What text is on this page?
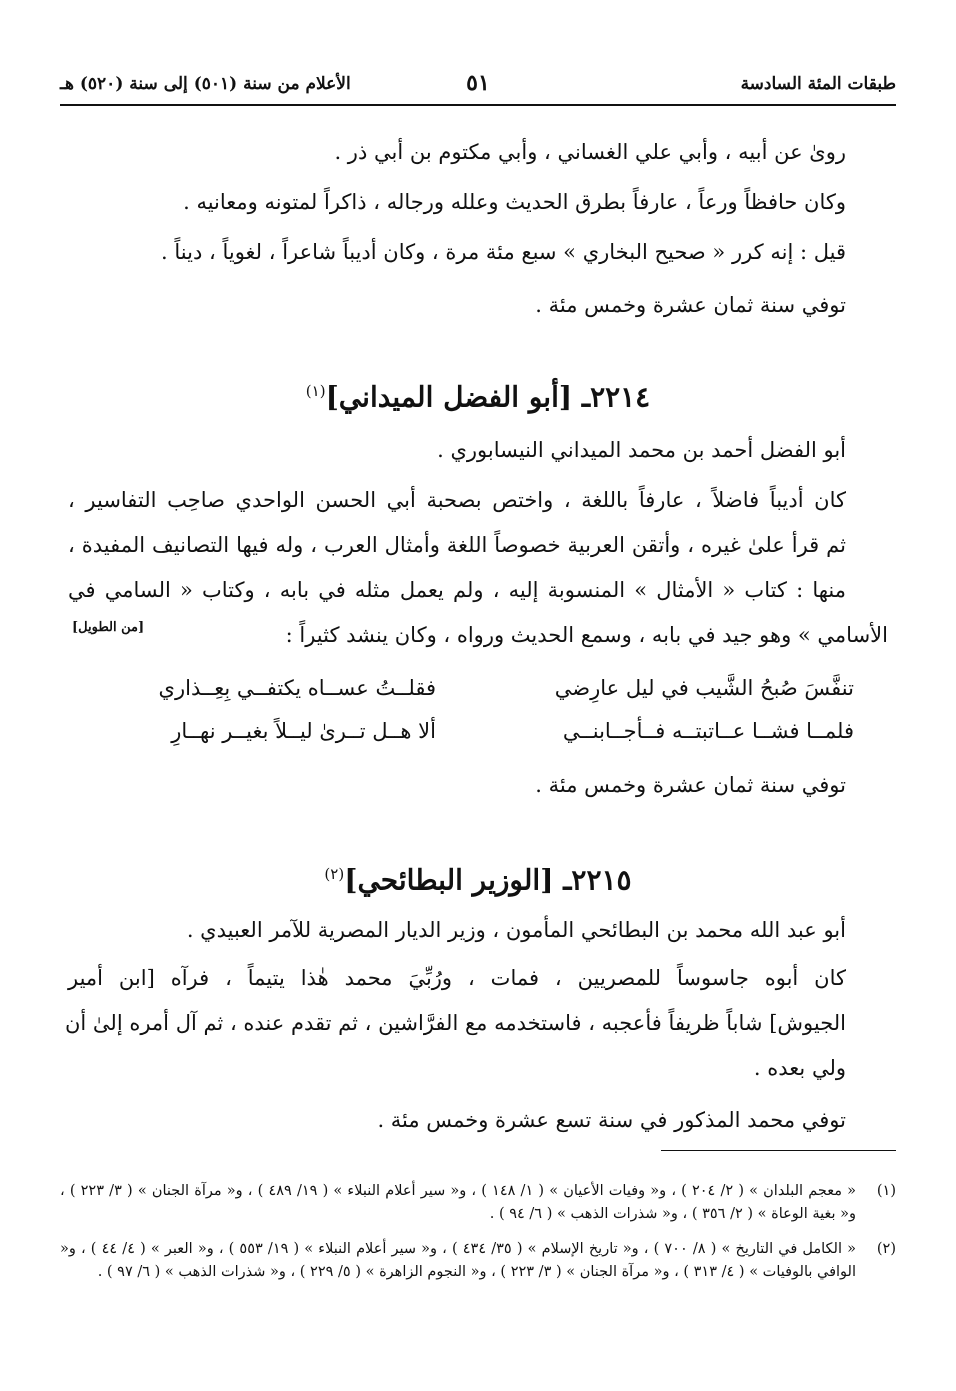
طبقات المئة السادسة
٥١
الأعلام من سنة (٥٠١) إلى سنة (٥٢٠) هـ
رویٰ عن أبیه ، وأبي علي الغساني ، وأبي مكتوم بن أبي ذر .
وكان حافظاً ورعاً ، عارفاً بطرق الحديث وعلله ورجاله ، ذاكراً لمتونه ومعانيه .
قيل : إنه كرر « صحيح البخاري » سبع مئة مرة ، وكان أديباً شاعراً ، لغوياً ، ديناً .
توفي سنة ثمان عشرة وخمس مئة .
٢٢١٤ـ [أبو الفضل الميداني]$^{(١)}$
أبو الفضل أحمد بن محمد الميداني النيسابوري .
كان أديباً فاضلاً ، عارفاً باللغة ، واختص بصحبة أبي الحسن الواحدي صاحِب التفاسير ،
ثم قرأ علىٰ غيره ، وأتقن العربية خصوصاً اللغة وأمثال العرب ، وله فيها التصانيف المفيدة ،
منها : كتاب « الأمثال » المنسوبة إليه ، ولم يعمل مثله في بابه ، وكتاب « السامي في
الأسامي » وهو جيد في بابه ، وسمع الحديث ورواه ، وكان ينشد كثيراً :
[من الطويل]
تنفَّسَ صُبحُ الشَّيب في ليل عارِضي
فقلــتُ عســاه يكتفــي بِعِــذاري
فلمــا فشــا عــاتبتــه فــأجــابنــي
ألا هــل تــرىٰ ليــلاً بغيــر نهــارِ
توفي سنة ثمان عشرة وخمس مئة .
٢٢١٥ـ [الوزير البطائحي]$^{(٢)}$
أبو عبد الله محمد بن البطائحي المأمون ، وزير الديار المصرية للآمر العبيدي .
كان أبوه جاسوساً للمصريين ، فمات ، ورُبِّيَ محمد هٰذا يتيماً ، فرآه [ابن أمير
الجيوش] شاباً ظريفاً فأعجبه ، فاستخدمه مع الفرَّاشين ، ثم تقدم عنده ، ثم آل أمره إلىٰ أن
ولي بعده .
توفي محمد المذكور في سنة تسع عشرة وخمس مئة .
(١)
« معجم البلدان » ( ٢/ ٢٠٤ ) ، و« وفيات الأعيان » ( ١/ ١٤٨ ) ، و« سير أعلام النبلاء » ( ١٩/ ٤٨٩ ) ، و« مرآة الجنان » ( ٣/ ٢٢٣ ) ، و« بغية الوعاة » ( ٢/ ٣٥٦ ) ، و« شذرات الذهب » ( ٦/ ٩٤ ) .
(٢)
« الكامل في التاريخ » ( ٨/ ٧٠٠ ) ، و« تاريخ الإسلام » ( ٣٥/ ٤٣٤ ) ، و« سير أعلام النبلاء » ( ١٩/ ٥٥٣ ) ، و« العبر » ( ٤/ ٤٤ ) ، و« الوافي بالوفيات » ( ٤/ ٣١٣ ) ، و« مرآة الجنان » ( ٣/ ٢٢٣ ) ، و« النجوم الزاهرة » ( ٥/ ٢٢٩ ) ، و« شذرات الذهب » ( ٦/ ٩٧ ) .
